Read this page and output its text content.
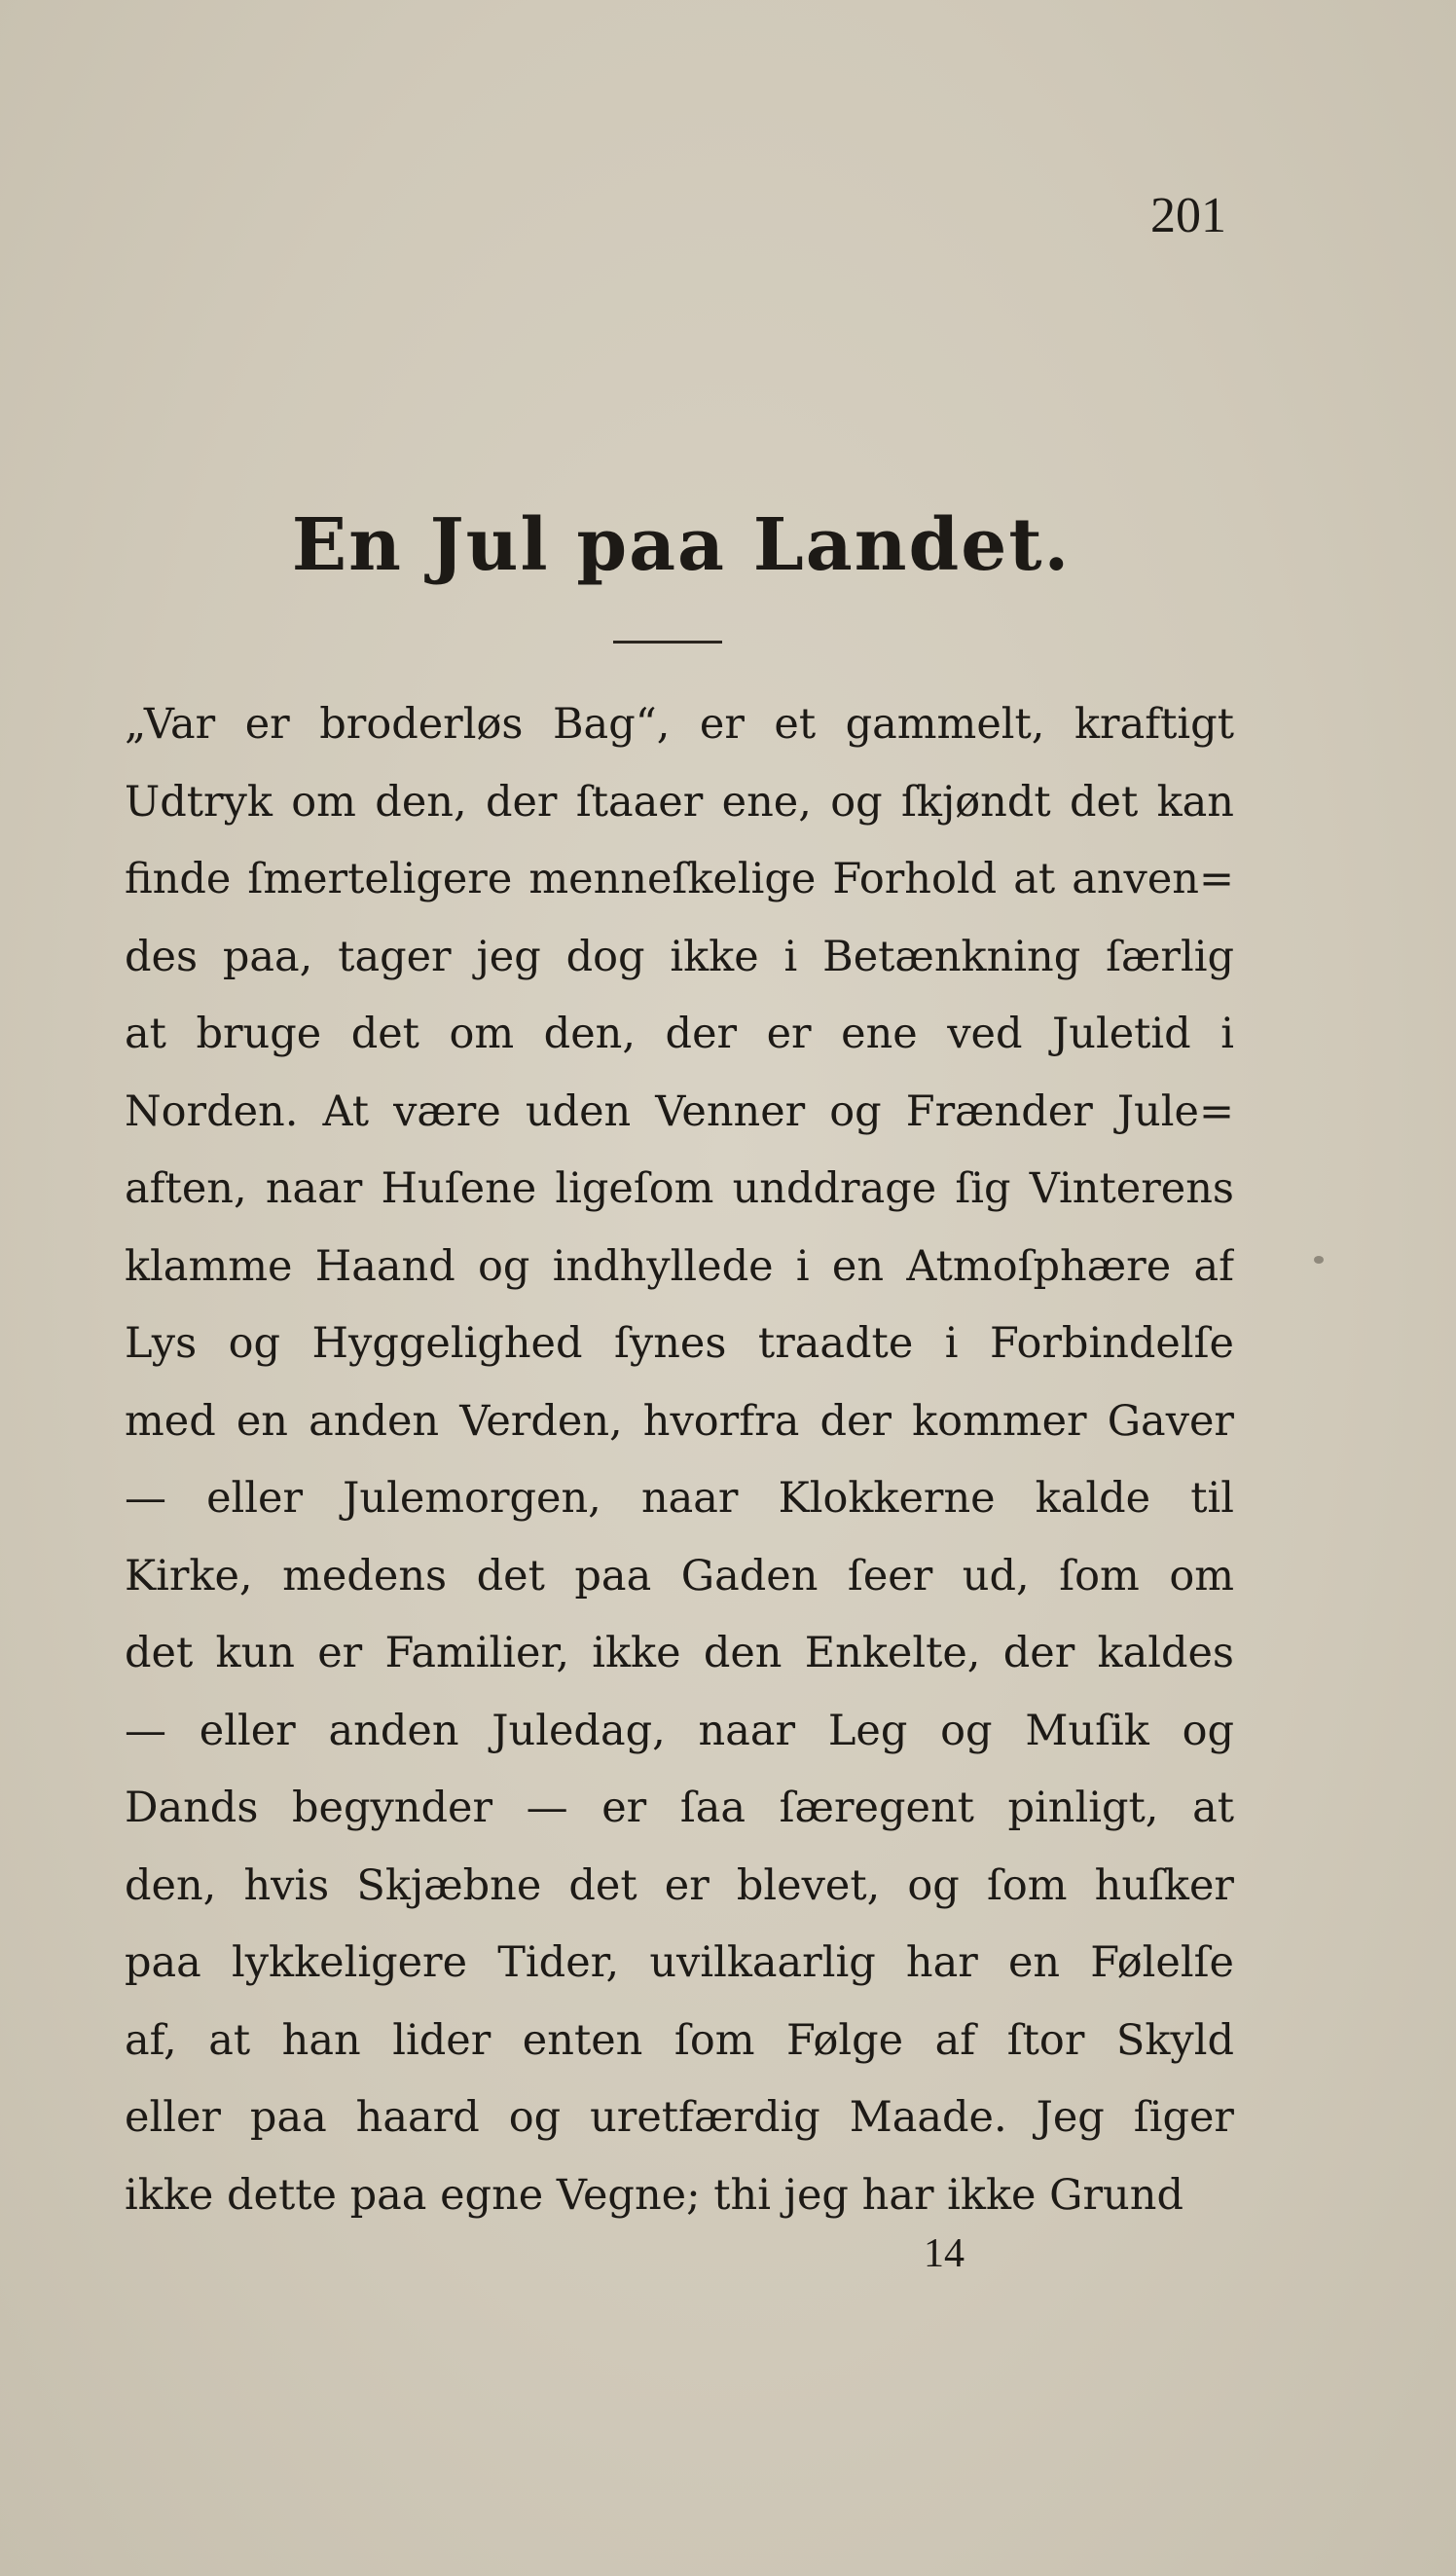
201
En Jul paa Landet.
„Var er broderløs Bag“, er et gammelt, kraftigt
Udtryk om den, der ſtaaer ene, og ſkjøndt det kan
finde ſmerteligere menneſkelige Forhold at anven=
des paa, tager jeg dog ikke i Betænkning ſærlig
at bruge det om den, der er ene ved Juletid i
Norden. At være uden Venner og Frænder Jule=
aften, naar Huſene ligeſom unddrage ſig Vinterens
klamme Haand og indhyllede i en Atmoſphære af
Lys og Hyggelighed ſynes traadte i Forbindelſe
med en anden Verden, hvorfra der kommer Gaver
— eller Julemorgen, naar Klokkerne kalde til
Kirke, medens det paa Gaden ſeer ud, ſom om
det kun er Familier, ikke den Enkelte, der kaldes
— eller anden Juledag, naar Leg og Muſik og
Dands begynder — er ſaa ſæregent pinligt, at
den, hvis Skjæbne det er blevet, og ſom huſker
paa lykkeligere Tider, uvilkaarlig har en Følelſe
af, at han lider enten ſom Følge af ſtor Skyld
eller paa haard og uretfærdig Maade. Jeg ſiger
ikke dette paa egne Vegne; thi jeg har ikke Grund
14
